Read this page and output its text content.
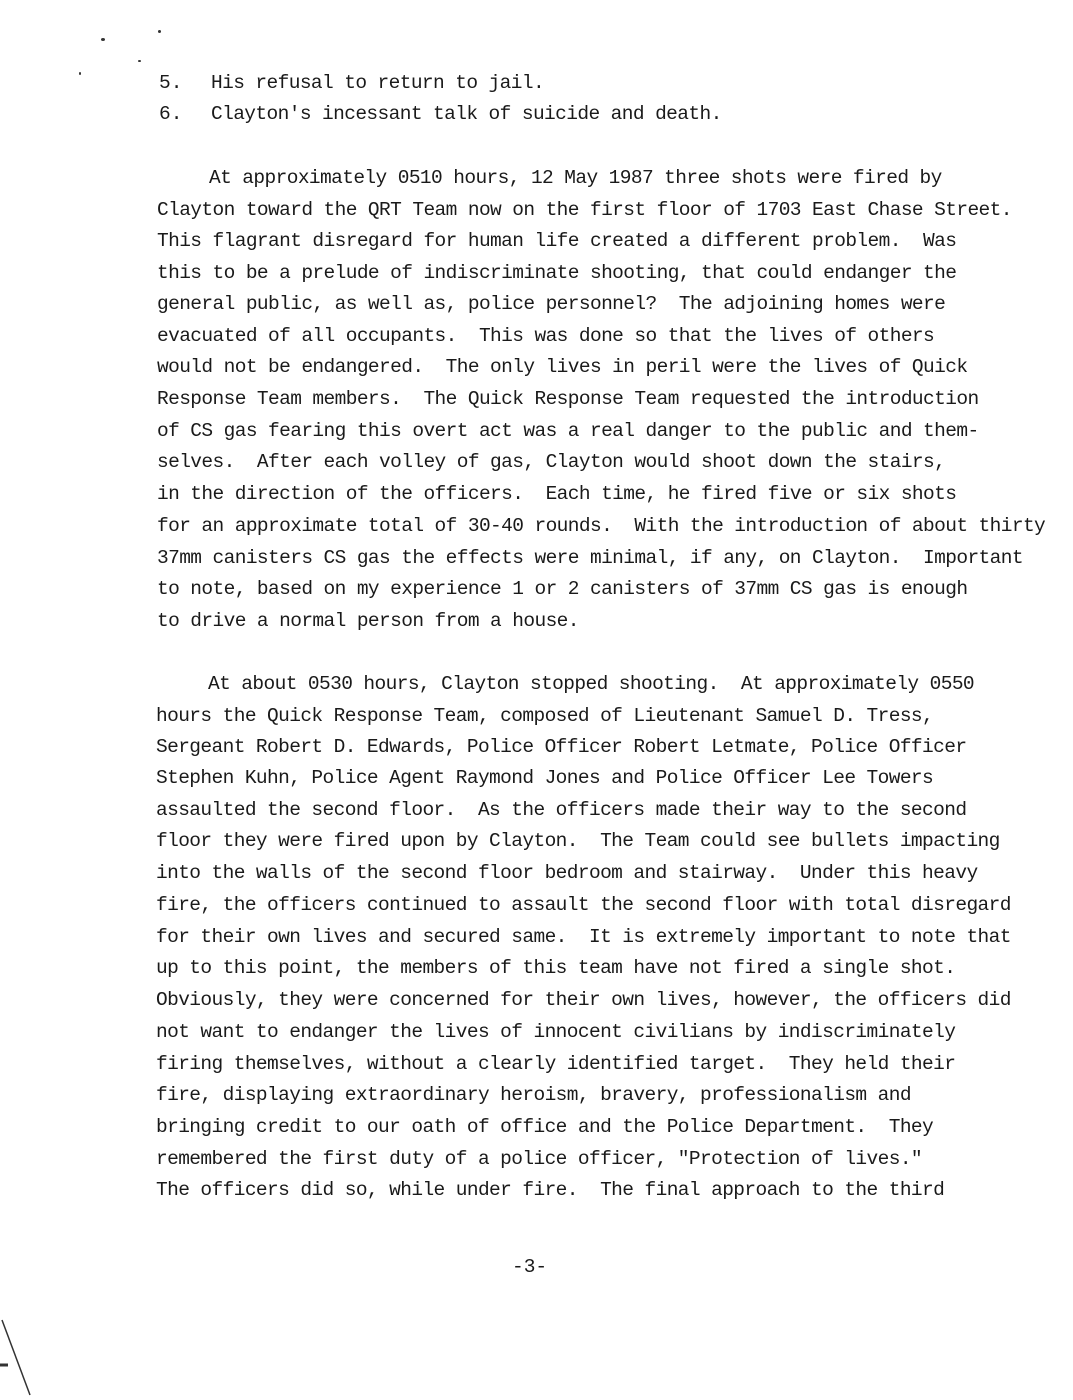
5. His refusal to return to jail.
6. Clayton's incessant talk of suicide and death.
At approximately 0510 hours, 12 May 1987 three shots were fired by
Clayton toward the QRT Team now on the first floor of 1703 East Chase Street.
This flagrant disregard for human life created a different problem.  Was
this to be a prelude of indiscriminate shooting, that could endanger the
general public, as well as, police personnel?  The adjoining homes were
evacuated of all occupants.  This was done so that the lives of others
would not be endangered.  The only lives in peril were the lives of Quick
Response Team members.  The Quick Response Team requested the introduction
of CS gas fearing this overt act was a real danger to the public and them-
selves.  After each volley of gas, Clayton would shoot down the stairs,
in the direction of the officers.  Each time, he fired five or six shots
for an approximate total of 30-40 rounds.  With the introduction of about thirty
37mm canisters CS gas the effects were minimal, if any, on Clayton.  Important
to note, based on my experience 1 or 2 canisters of 37mm CS gas is enough
to drive a normal person from a house.
At about 0530 hours, Clayton stopped shooting.  At approximately 0550
hours the Quick Response Team, composed of Lieutenant Samuel D. Tress,
Sergeant Robert D. Edwards, Police Officer Robert Letmate, Police Officer
Stephen Kuhn, Police Agent Raymond Jones and Police Officer Lee Towers
assaulted the second floor.  As the officers made their way to the second
floor they were fired upon by Clayton.  The Team could see bullets impacting
into the walls of the second floor bedroom and stairway.  Under this heavy
fire, the officers continued to assault the second floor with total disregard
for their own lives and secured same.  It is extremely important to note that
up to this point, the members of this team have not fired a single shot.
Obviously, they were concerned for their own lives, however, the officers did
not want to endanger the lives of innocent civilians by indiscriminately
firing themselves, without a clearly identified target.  They held their
fire, displaying extraordinary heroism, bravery, professionalism and
bringing credit to our oath of office and the Police Department.  They
remembered the first duty of a police officer, "Protection of lives."
The officers did so, while under fire.  The final approach to the third
-3-
